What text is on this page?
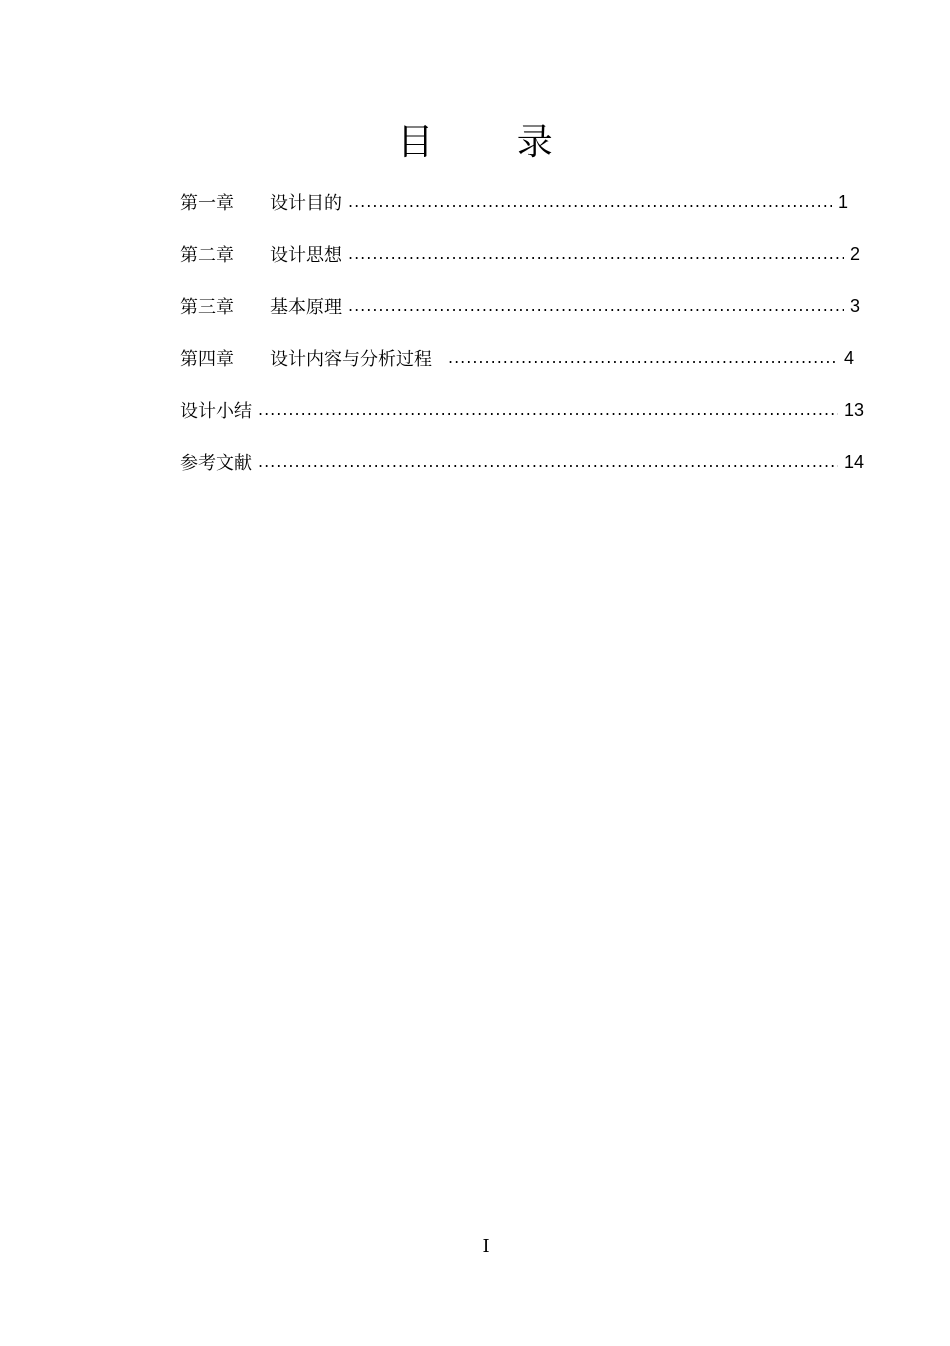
目 录
第一章	设计目的 .....	1
第二章	设计思想 .....	2
第三章	基本原理 .....	3
第四章	设计内容与分析过程 .....	4
设计小结 .....	13
参考文献 .....	14
I
